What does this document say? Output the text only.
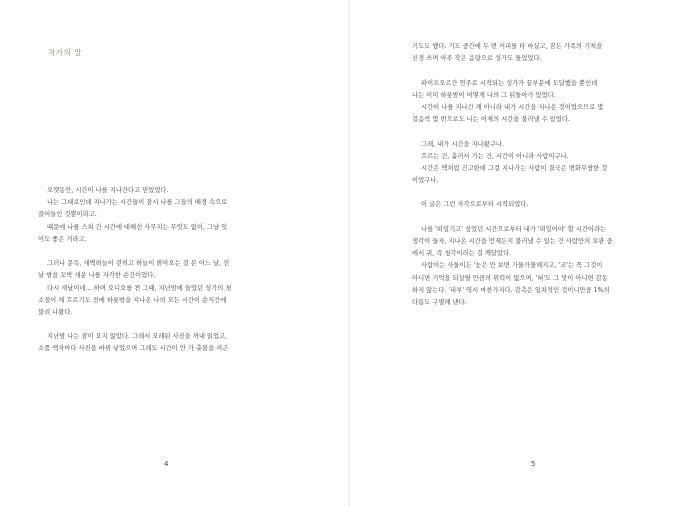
작가의 말
오랫동안, 시간이 나를 지나간다고 믿었었다.
나는 그대로인데 지나가는 시간들이 잠시 나를 그들의 배경 속으로
끌어들인 것뿐이라고.
때문에 나를 스쳐 간 시간에 대해선 사무치는 무엇도 없이, 그냥 잊
어도 좋은 거라고.
그러나 문득, 새벽하늘이 걷히고 하늘이 밝아오는 걸 본 어느 날, 전
날 밤을 꼬박 새운 나를 자각한 순간이었다.
다시 새날이네… 하며 오디오를 켠 그때, 지난밤에 들었던 성가의 첫
소절이 채 흐르기도 전에 하룻밤을 지나온 나의 모든 시간이 순식간에
불려 나왔다.
지난밤 나는 잠이 오지 않았다. 그래서 오래된 사진을 꺼내 읽었고,
소품 액자마다 사진을 바꿔 넣었으며 그래도 시간이 안 가 촛불을 켜곤
4
기도도 했다. 기도 중간에 두 번 커피를 타 마셨고, 잠든 가족의 기척을
신경 쓰며 아주 작은 음량으로 성가도 틀었었다.
파이프오르간 연주로 시작되는 성가가 끝부분에 도달했을 뿐인데
나는 이미 하룻밤이 어떻게 나의 그 뒤돌아가 있었다.
시간이 나를 지나간 게 아니라 내가 시간을 지나온 것이었으므로 몇
걸음씩 몇 번으로도 나는 어제의 시간을 불러낼 수 있었다.
그래, 내가 시간을 지나왔구나.
흐르는 건, 흘러서 가는 건, 시간이 아니라 사람이구나.
시간은 맥처럼 건고한데 그걸 지나가는 사람이 결국은 변화무쌍한 것
이었구나.
이 글은 그런 자각으로부터 시작되었다.
나를 '떠밀기고' 싶었던 시간으로부터 내가 '떠밀어야' 할 시간이라는
생각이 들자, 지나온 시간을 언제든지 불러낼 수 있는 건 사람만의 오관 중
에서 귀, 즉 청각이라는 걸 깨달았다.
사람이는 사물이든 '눈은 안 보면 가물가물해지고, '코'는 꼭 그것이
아니면 기억을 되살릴 만큼의 위력이 없으며, '혀'도 그 맛이 아니면 감동
하지 않는다. '피부' 역시 마찬가지다. 감촉은 일차적인 것이니만큼 1%의
다름도 구별해 낸다.
5
